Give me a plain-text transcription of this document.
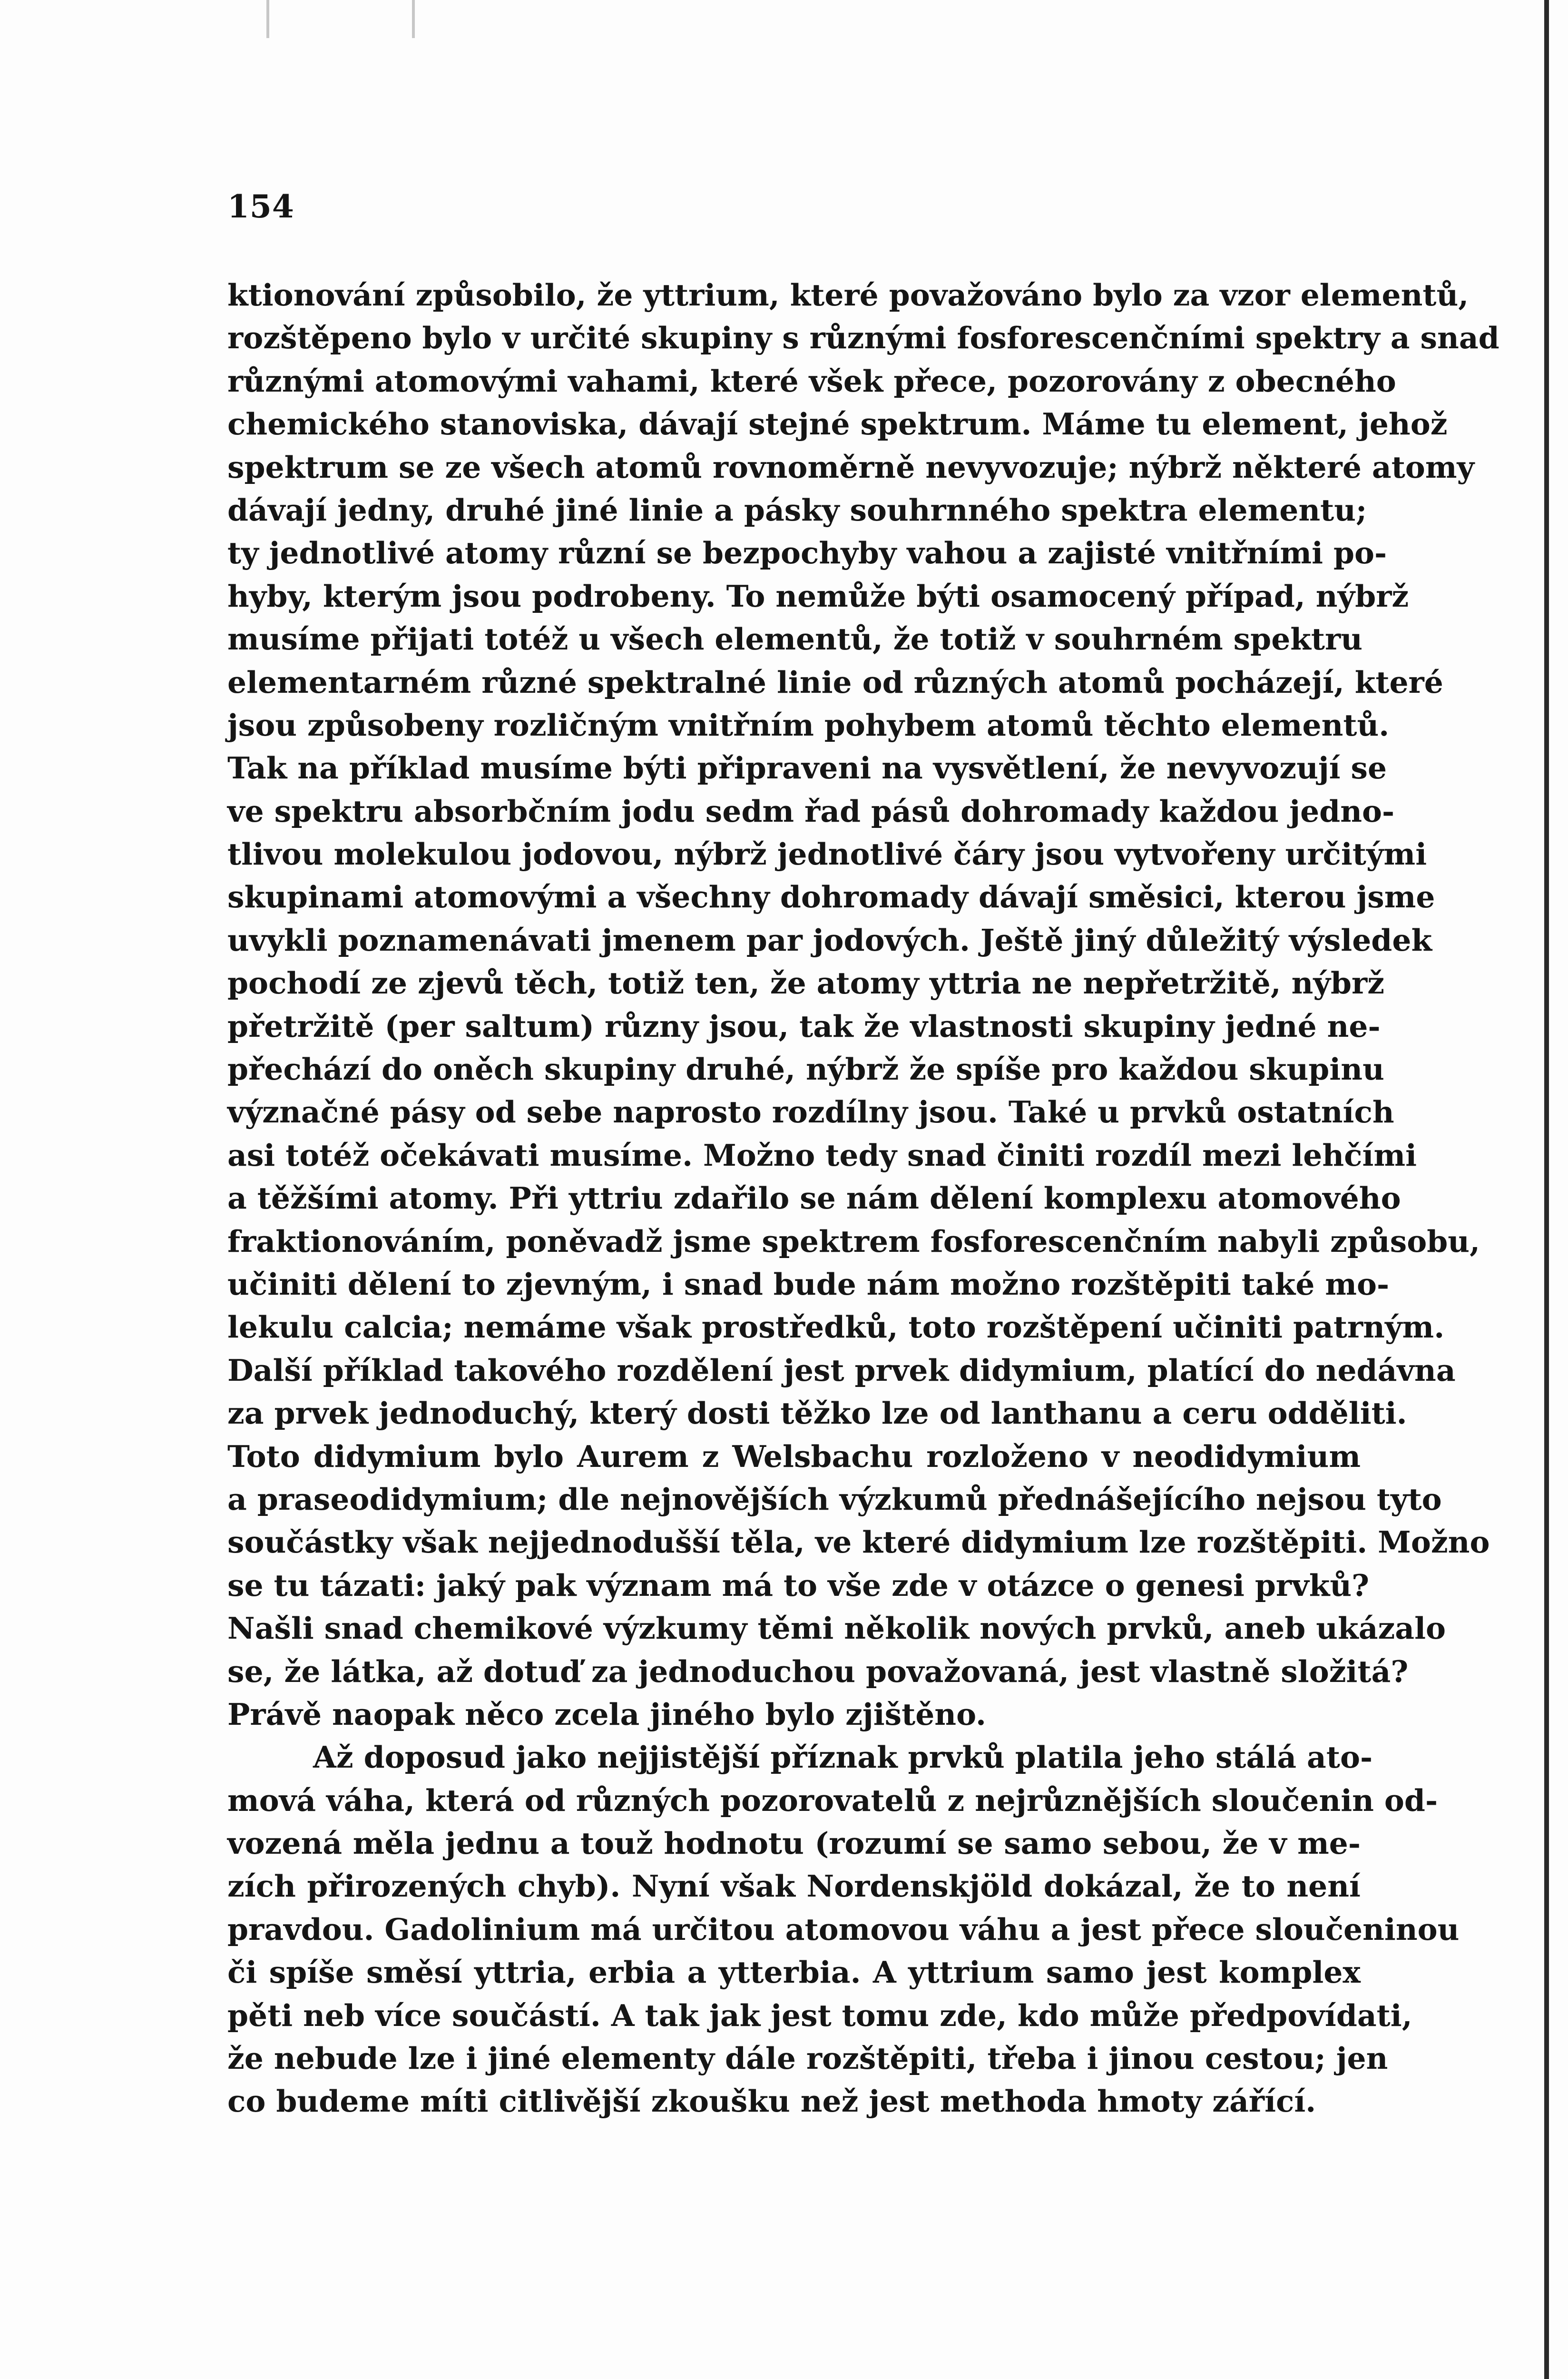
154
ktionování způsobilo, že yttrium, které považováno bylo za vzor elementů,
rozštěpeno bylo v určité skupiny s různými fosforescenčními spektry a snad
různými atomovými vahami, které všek přece, pozorovány z obecného
chemického stanoviska, dávají stejné spektrum. Máme tu element, jehož
spektrum se ze všech atomů rovnoměrně nevyvozuje; nýbrž některé atomy
dávají jedny, druhé jiné linie a pásky souhrnného spektra elementu;
ty jednotlivé atomy různí se bezpochyby vahou a zajisté vnitřními po-
hyby, kterým jsou podrobeny. To nemůže býti osamocený případ, nýbrž
musíme přijati totéž u všech elementů, že totiž v souhrném spektru
elementarném různé spektralné linie od různých atomů pocházejí, které
jsou způsobeny rozličným vnitřním pohybem atomů těchto elementů.
Tak na příklad musíme býti připraveni na vysvětlení, že nevyvozují se
ve spektru absorbčním jodu sedm řad pásů dohromady každou jedno-
tlivou molekulou jodovou, nýbrž jednotlivé čáry jsou vytvořeny určitými
skupinami atomovými a všechny dohromady dávají směsici, kterou jsme
uvykli poznamenávati jmenem par jodových. Ještě jiný důležitý výsledek
pochodí ze zjevů těch, totiž ten, že atomy yttria ne nepřetržitě, nýbrž
přetržitě (per saltum) různy jsou, tak že vlastnosti skupiny jedné ne-
přechází do oněch skupiny druhé, nýbrž že spíše pro každou skupinu
význačné pásy od sebe naprosto rozdílny jsou. Také u prvků ostatních
asi totéž očekávati musíme. Možno tedy snad činiti rozdíl mezi lehčími
a těžšími atomy. Při yttriu zdařilo se nám dělení komplexu atomového
fraktionováním, poněvadž jsme spektrem fosforescenčním nabyli způsobu,
učiniti dělení to zjevným, i snad bude nám možno rozštěpiti také mo-
lekulu calcia; nemáme však prostředků, toto rozštěpení učiniti patrným.
Další příklad takového rozdělení jest prvek didymium, platící do nedávna
za prvek jednoduchý, který dosti těžko lze od lanthanu a ceru odděliti.
Toto didymium bylo Aurem z Welsbachu rozloženo v neodidymium
a praseodidymium; dle nejnovějších výzkumů přednášejícího nejsou tyto
součástky však nejjednodušší těla, ve které didymium lze rozštěpiti. Možno
se tu tázati: jaký pak význam má to vše zde v otázce o genesi prvků?
Našli snad chemikové výzkumy těmi několik nových prvků, aneb ukázalo
se, že látka, až dotuď za jednoduchou považovaná, jest vlastně složitá?
Právě naopak něco zcela jiného bylo zjištěno.
Až doposud jako nejjistější příznak prvků platila jeho stálá ato-
mová váha, která od různých pozorovatelů z nejrůznějších sloučenin od-
vozená měla jednu a touž hodnotu (rozumí se samo sebou, že v me-
zích přirozených chyb). Nyní však Nordenskjöld dokázal, že to není
pravdou. Gadolinium má určitou atomovou váhu a jest přece sloučeninou
či spíše směsí yttria, erbia a ytterbia. A yttrium samo jest komplex
pěti neb více součástí. A tak jak jest tomu zde, kdo může předpovídati,
že nebude lze i jiné elementy dále rozštěpiti, třeba i jinou cestou; jen
co budeme míti citlivější zkoušku než jest methoda hmoty zářící.
